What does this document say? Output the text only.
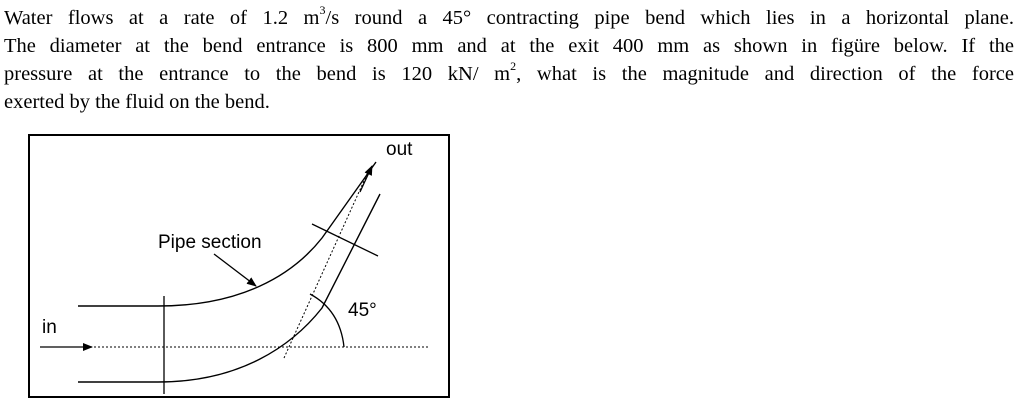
Water flows at a rate of 1.2 $m^3/s$ round a 45° contracting pipe bend which lies in a horizontal plane.
The diameter at the bend entrance is 800 mm and at the exit 400 mm as shown in figüre below. If the
pressure at the entrance to the bend is 120 kN/ $m^2$, what is the magnitude and direction of the force
exerted by the fluid on the bend.
out
Pipe section
45°
in
